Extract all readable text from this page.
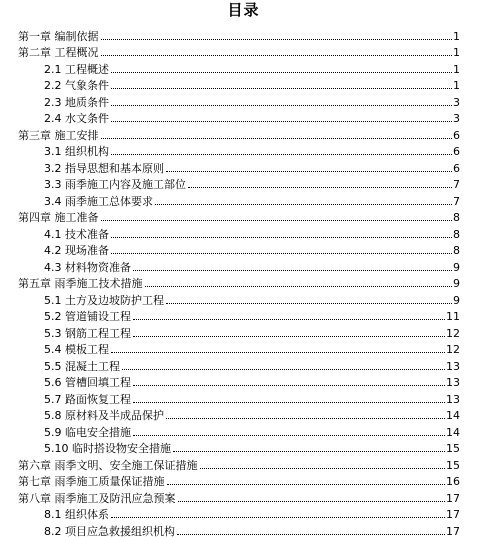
目录
第一章 编制依据	1
第二章 工程概况	1
2.1 工程概述	1
2.2 气象条件	1
2.3 地质条件	3
2.4 水文条件	3
第三章 施工安排	6
3.1 组织机构	6
3.2 指导思想和基本原则	6
3.3 雨季施工内容及施工部位	7
3.4 雨季施工总体要求	7
第四章 施工准备	8
4.1 技术准备	8
4.2 现场准备	8
4.3 材料物资准备	9
第五章 雨季施工技术措施	9
5.1 土方及边坡防护工程	9
5.2 管道铺设工程	11
5.3 钢筋工程工程	12
5.4 模板工程	12
5.5 混凝土工程	13
5.6 管槽回填工程	13
5.7 路面恢复工程	13
5.8 原材料及半成品保护	14
5.9 临电安全措施	14
5.10 临时搭设物安全措施	15
第六章 雨季文明、安全施工保证措施	15
第七章 雨季施工质量保证措施	16
第八章 雨季施工及防汛应急预案	17
8.1 组织体系	17
8.2 项目应急救援组织机构	17
